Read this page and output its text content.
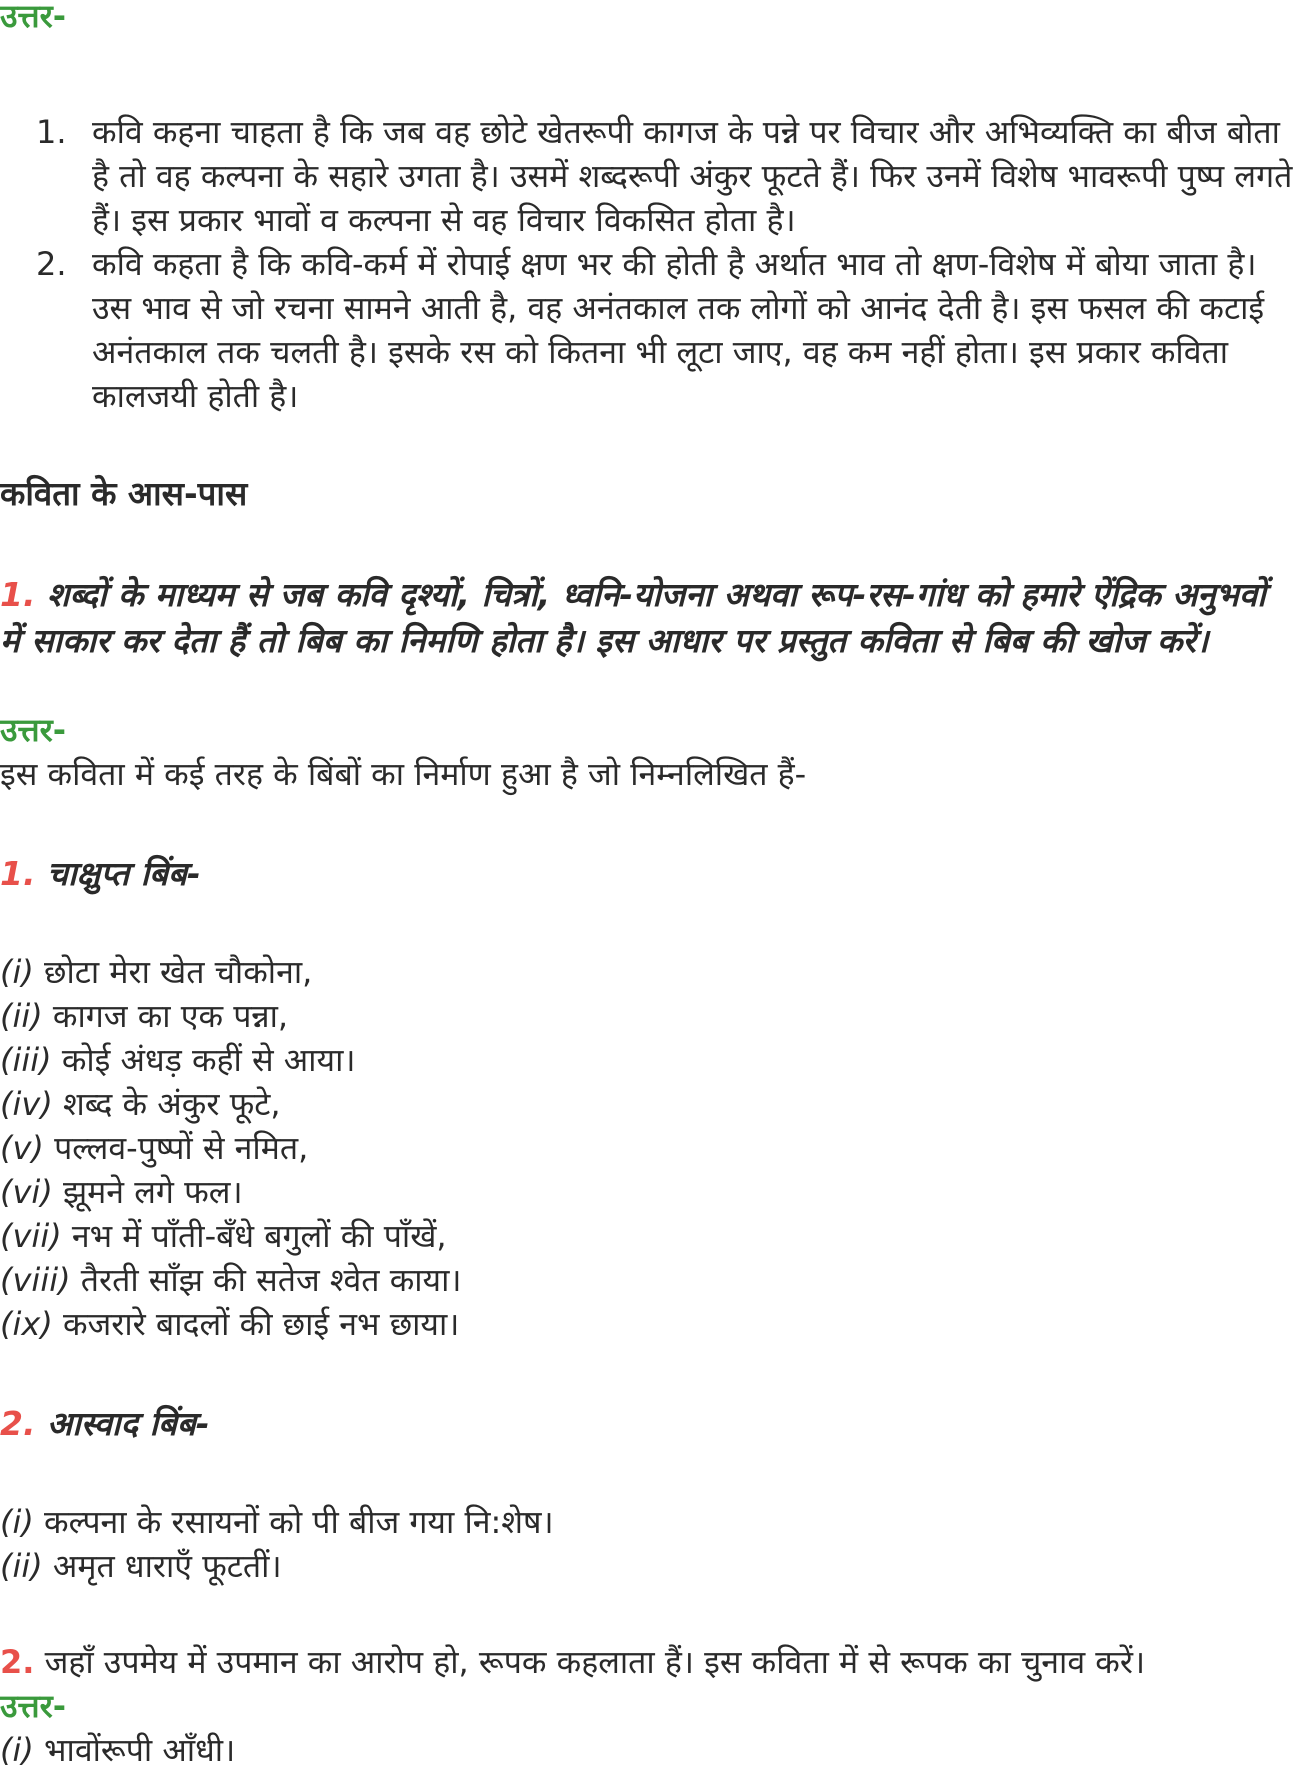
उत्तर-
1. कवि कहना चाहता है कि जब वह छोटे खेतरूपी कागज के पन्ने पर विचार और अभिव्यक्ति का बीज बोता है तो वह कल्पना के सहारे उगता है। उसमें शब्दरूपी अंकुर फूटते हैं। फिर उनमें विशेष भावरूपी पुष्प लगते हैं। इस प्रकार भावों व कल्पना से वह विचार विकसित होता है।
2. कवि कहता है कि कवि-कर्म में रोपाई क्षण भर की होती है अर्थात भाव तो क्षण-विशेष में बोया जाता है। उस भाव से जो रचना सामने आती है, वह अनंतकाल तक लोगों को आनंद देती है। इस फसल की कटाई अनंतकाल तक चलती है। इसके रस को कितना भी लूटा जाए, वह कम नहीं होता। इस प्रकार कविता कालजयी होती है।
कविता के आस-पास
1. शब्दों के माध्यम से जब कवि दृश्यों, चित्रों, ध्वनि-योजना अथवा रूप-रस-गांध को हमारे ऐंद्रिक अनुभवों में साकार कर देता हैं तो बिब का निमणि होता है। इस आधार पर प्रस्तुत कविता से बिब की खोज करें।
उत्तर-
इस कविता में कई तरह के बिंबों का निर्माण हुआ है जो निम्नलिखित हैं-
1. चाक्षुप्त बिंब-
(i) छोटा मेरा खेत चौकोना,
(ii) कागज का एक पन्ना,
(iii) कोई अंधड़ कहीं से आया।
(iv) शब्द के अंकुर फूटे,
(v) पल्लव-पुष्पों से नमित,
(vi) झूमने लगे फल।
(vii) नभ में पाँती-बँधे बगुलों की पाँखें,
(viii) तैरती साँझ की सतेज श्वेत काया।
(ix) कजरारे बादलों की छाई नभ छाया।
2. आस्वाद बिंब-
(i) कल्पना के रसायनों को पी बीज गया नि:शेष।
(ii) अमृत धाराएँ फूटतीं।
2. जहाँ उपमेय में उपमान का आरोप हो, रूपक कहलाता हैं। इस कविता में से रूपक का चुनाव करें।
उत्तर-
(i) भावोंरूपी आँधी।
